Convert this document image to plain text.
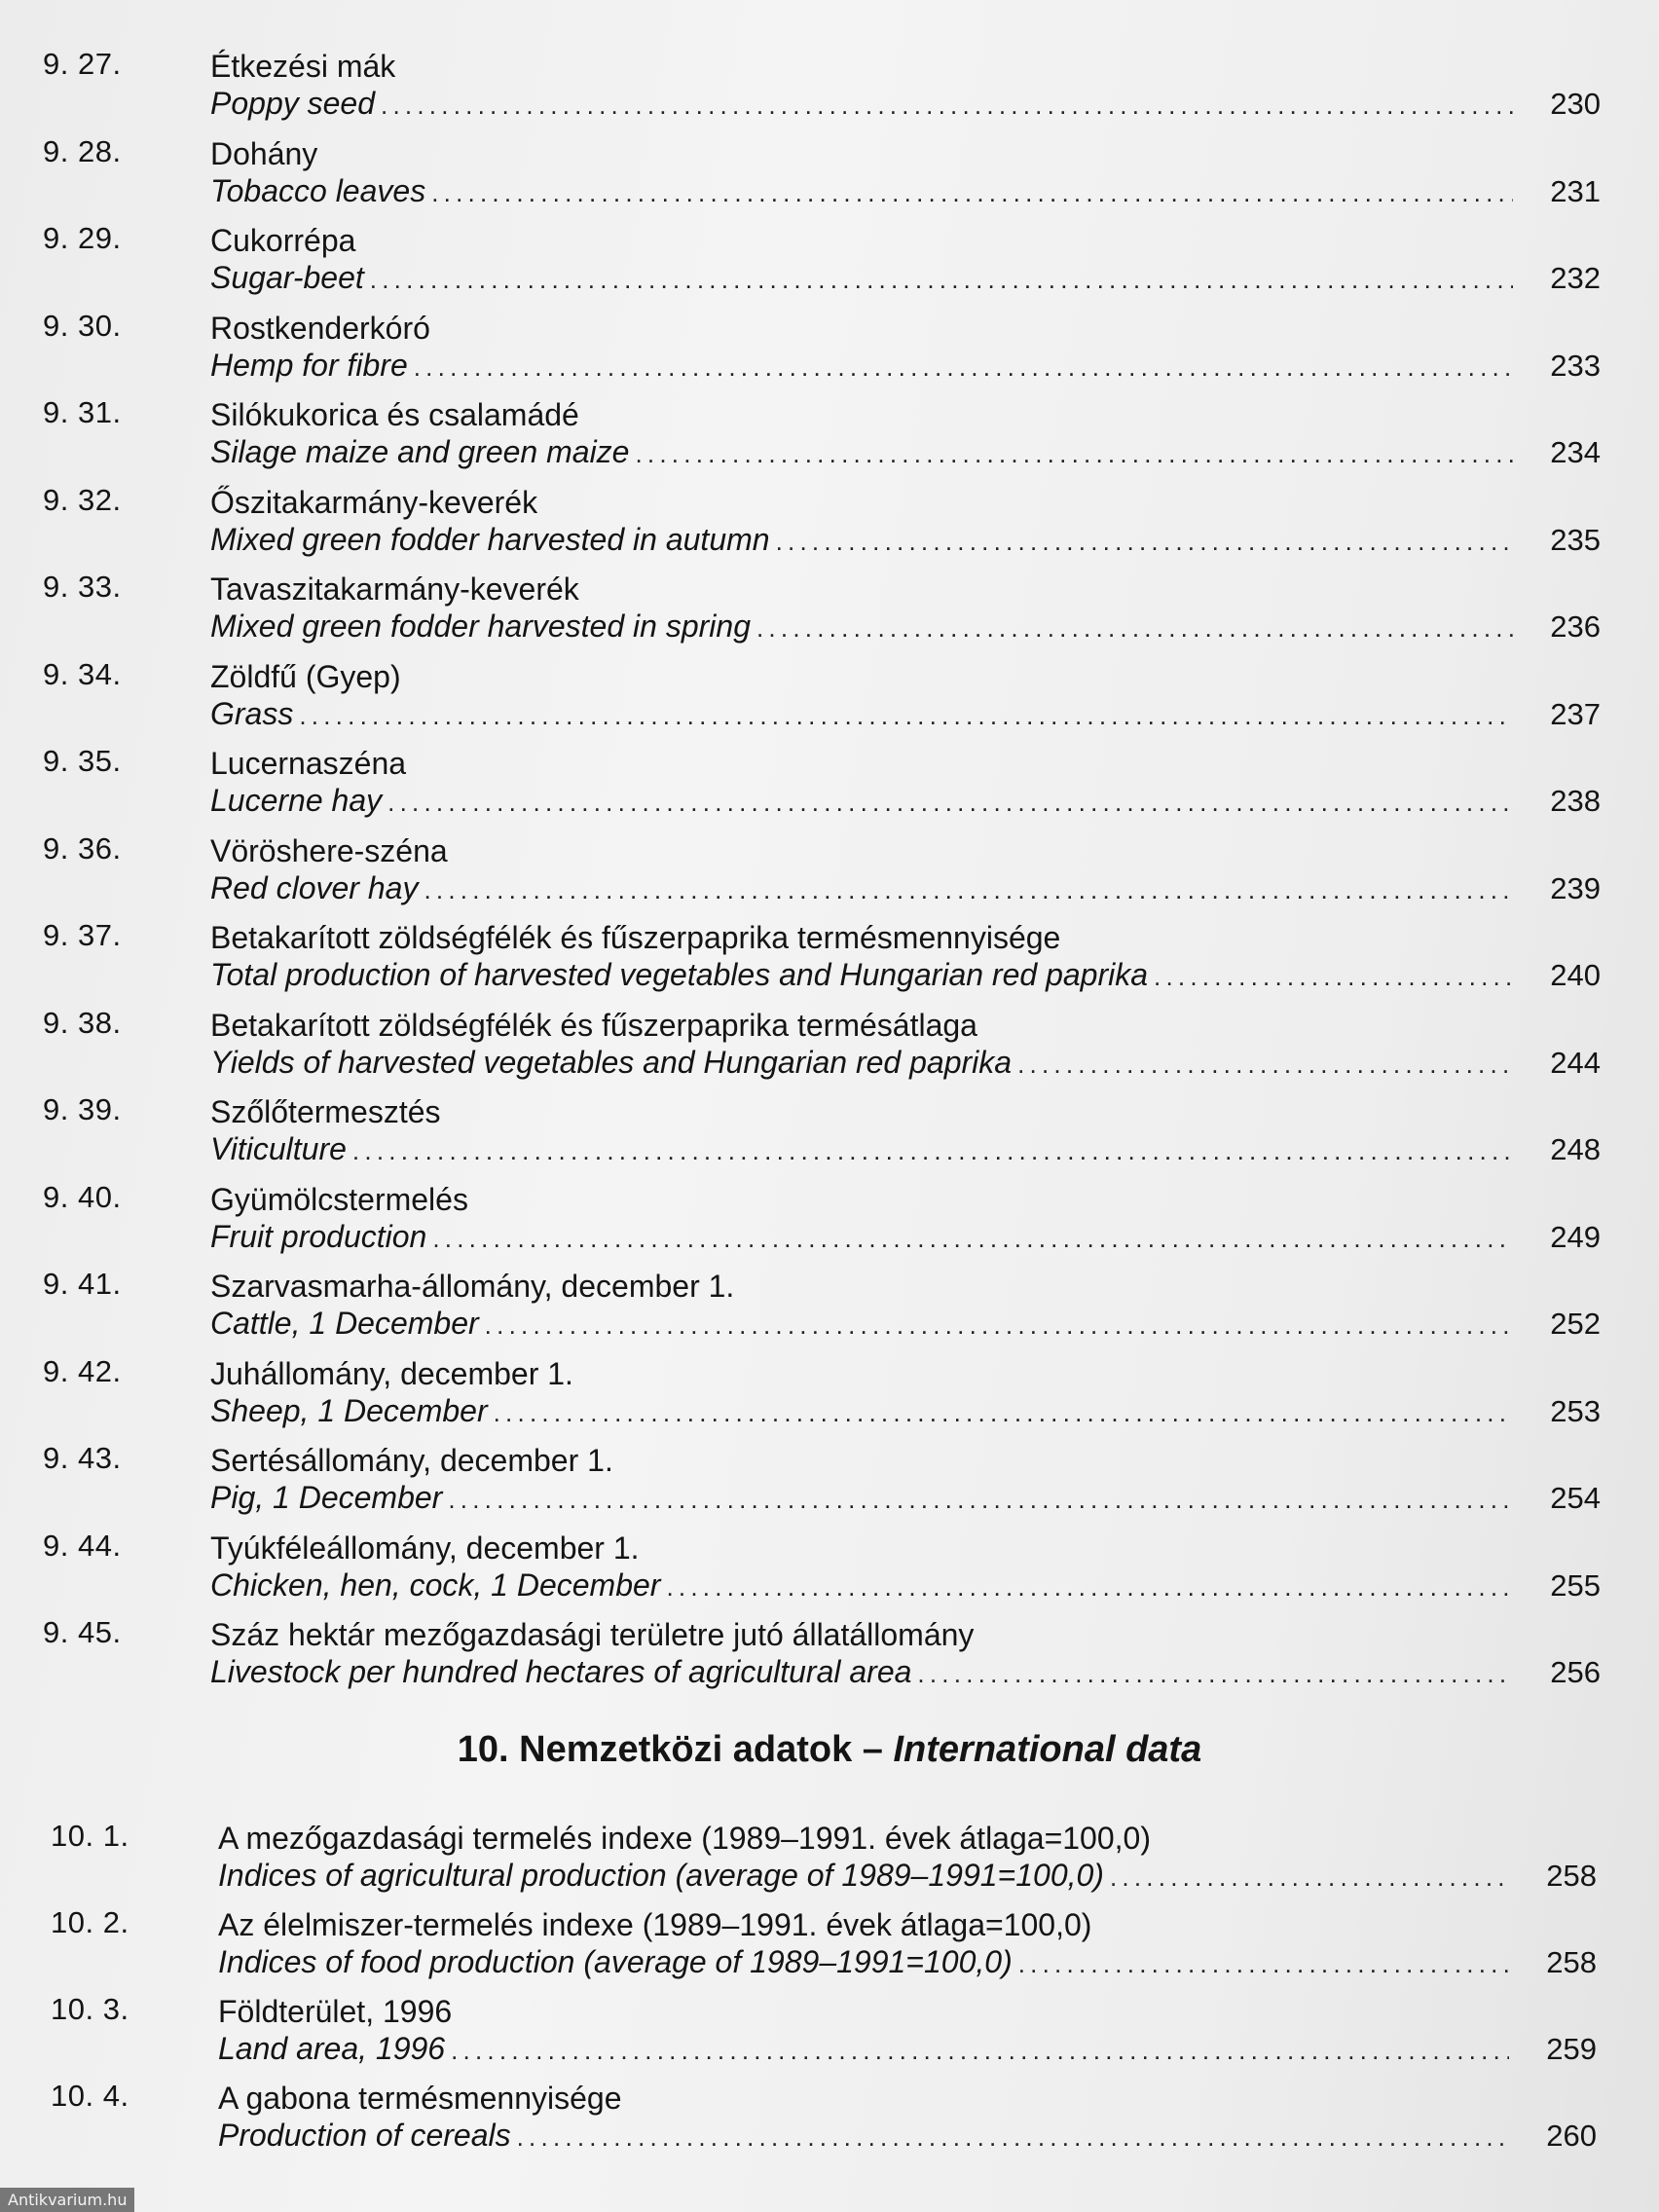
9. 27.	Étkezési mák
Poppy seed . . .	230
9. 28.	Dohány
Tobacco leaves . . .	231
9. 29.	Cukorrépa
Sugar-beet . . .	232
9. 30.	Rostkenderkóró
Hemp for fibre . . .	233
9. 31.	Silókukorica és csalamádé
Silage maize and green maize . . .	234
9. 32.	Őszitakarmány-keverék
Mixed green fodder harvested in autumn . . .	235
9. 33.	Tavaszitakarmány-keverék
Mixed green fodder harvested in spring . . .	236
9. 34.	Zöldfű (Gyep)
Grass . . .	237
9. 35.	Lucernaszéna
Lucerne hay . . .	238
9. 36.	Vöröshere-széna
Red clover hay . . .	239
9. 37.	Betakarított zöldségfélék és fűszerpaprika termésmennyisége
Total production of harvested vegetables and Hungarian red paprika . . .	240
9. 38.	Betakarított zöldségfélék és fűszerpaprika termésátlaga
Yields of harvested vegetables and Hungarian red paprika . . .	244
9. 39.	Szőlőtermesztés
Viticulture . . .	248
9. 40.	Gyümölcstermelés
Fruit production . . .	249
9. 41.	Szarvasmarha-állomány, december 1.
Cattle, 1 December . . .	252
9. 42.	Juhállomány, december 1.
Sheep, 1 December . . .	253
9. 43.	Sertésállomány, december 1.
Pig, 1 December . . .	254
9. 44.	Tyúkféleállomány, december 1.
Chicken, hen, cock, 1 December . . .	255
9. 45.	Száz hektár mezőgazdasági területre jutó állatállomány
Livestock per hundred hectares of agricultural area . . .	256
10. Nemzetközi adatok – International data
10. 1.	A mezőgazdasági termelés indexe (1989–1991. évek átlaga=100,0)
Indices of agricultural production (average of 1989–1991=100,0) . . .	258
10. 2.	Az élelmiszer-termelés indexe (1989–1991. évek átlaga=100,0)
Indices of food production (average of 1989–1991=100,0) . . .	258
10. 3.	Földterület, 1996
Land area, 1996 . . .	259
10. 4.	A gabona termésmennyisége
Production of cereals . . .	260
Antikvarium.hu
